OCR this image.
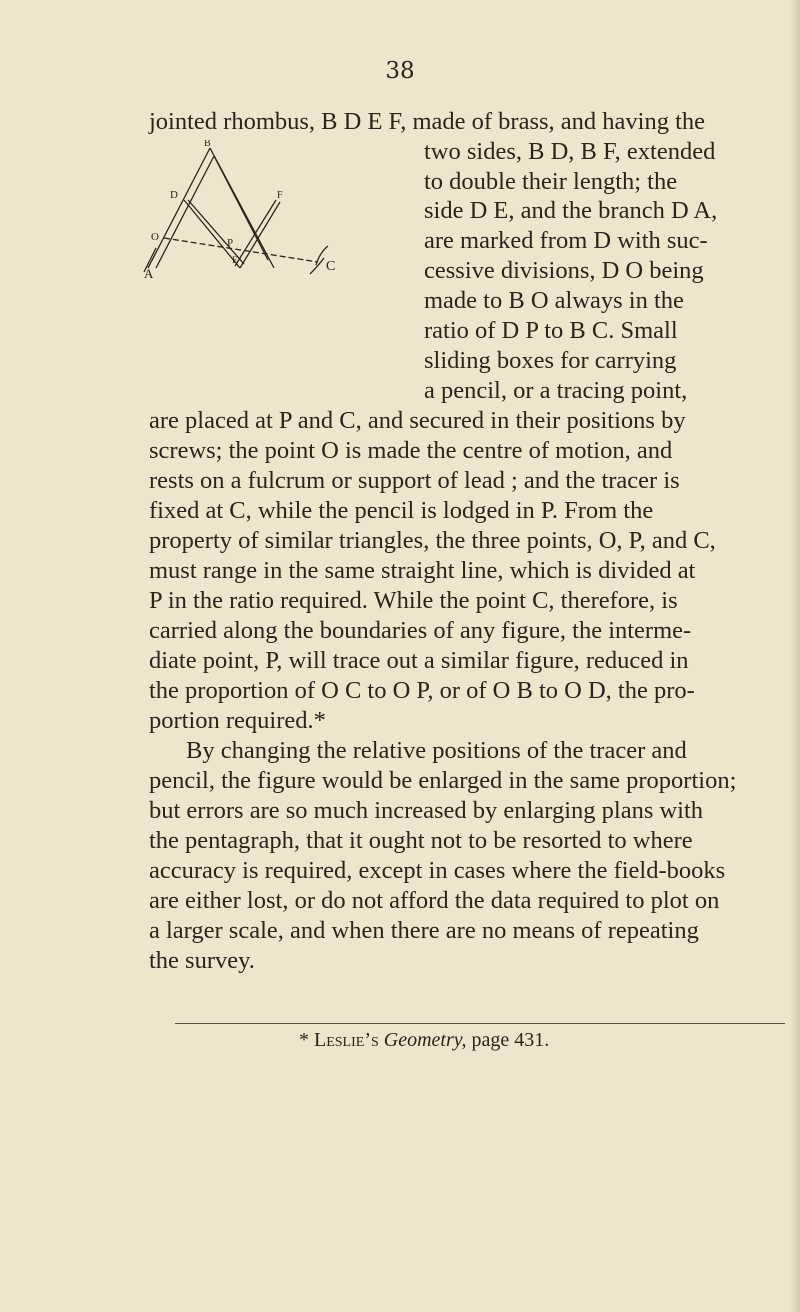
38
jointed rhombus, B D E F, made of brass, and having the
B
D	F
O	P
A
E	C
two sides, B D, B F, extended
to double their length; the
side D E, and the branch D A,
are marked from D with suc-
cessive divisions, D O being
made to B O always in the
ratio of D P to B C. Small
sliding boxes for carrying
a pencil, or a tracing point,
are placed at P and C, and secured in their positions by
screws; the point O is made the centre of motion, and
rests on a fulcrum or support of lead ; and the tracer is
fixed at C, while the pencil is lodged in P. From the
property of similar triangles, the three points, O, P, and C,
must range in the same straight line, which is divided at
P in the ratio required. While the point C, therefore, is
carried along the boundaries of any figure, the interme-
diate point, P, will trace out a similar figure, reduced in
the proportion of O C to O P, or of O B to O D, the pro-
portion required.*
By changing the relative positions of the tracer and
pencil, the figure would be enlarged in the same proportion;
but errors are so much increased by enlarging plans with
the pentagraph, that it ought not to be resorted to where
accuracy is required, except in cases where the field-books
are either lost, or do not afford the data required to plot on
a larger scale, and when there are no means of repeating
the survey.
* Leslie’s Geometry, page 431.
